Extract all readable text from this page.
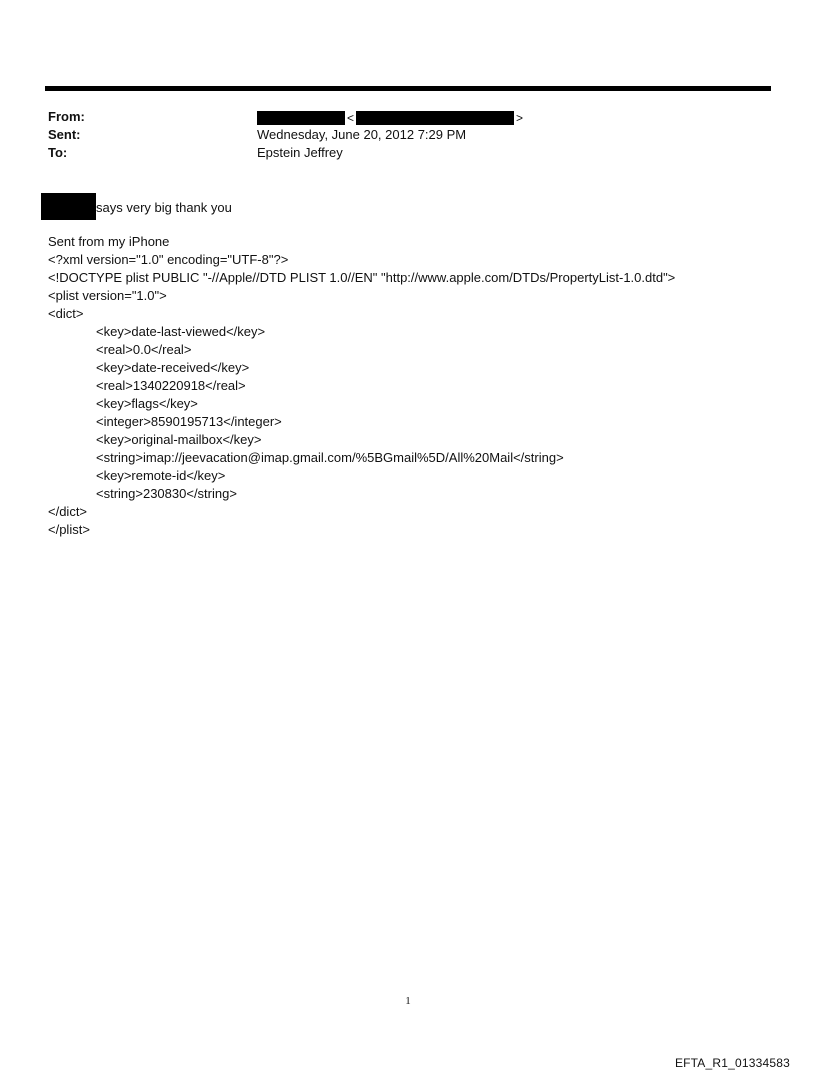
From:	<	>
Sent:	Wednesday, June 20, 2012 7:29 PM
To:	Epstein Jeffrey
says very big thank you
Sent from my iPhone
<?xml version="1.0" encoding="UTF-8"?>
<!DOCTYPE plist PUBLIC "-//Apple//DTD PLIST 1.0//EN" "http://www.apple.com/DTDs/PropertyList-1.0.dtd">
<plist version="1.0">
<dict>
<key>date-last-viewed</key>
<real>0.0</real>
<key>date-received</key>
<real>1340220918</real>
<key>flags</key>
<integer>8590195713</integer>
<key>original-mailbox</key>
<string>imap://jeevacation@imap.gmail.com/%5BGmail%5D/All%20Mail</string>
<key>remote-id</key>
<string>230830</string>
</dict>
</plist>
1
EFTA_R1_01334583
